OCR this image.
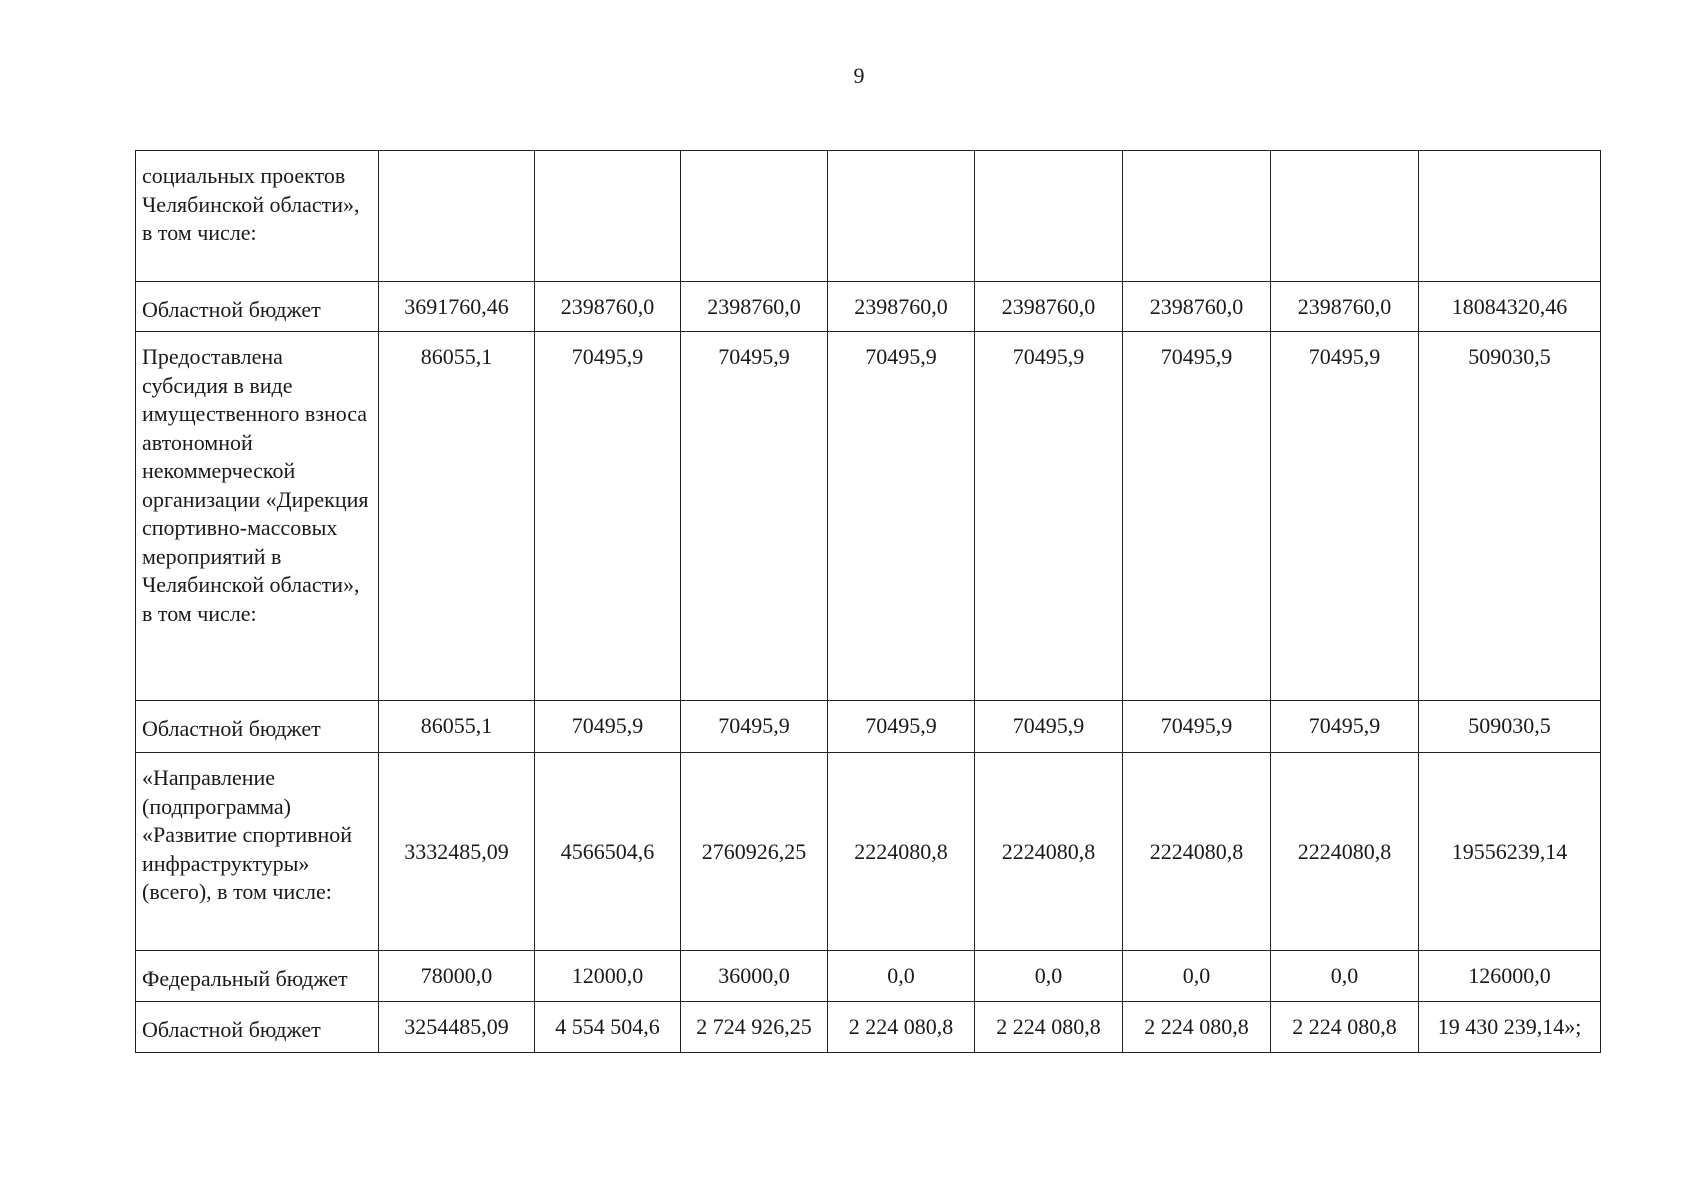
9
социальных проектов Челябинской области», в том числе:								
Областной бюджет	3691760,46	2398760,0	2398760,0	2398760,0	2398760,0	2398760,0	2398760,0	18084320,46
Предоставлена субсидия в виде имущественного взноса автономной некоммерческой организации «Дирекция спортивно-массовых мероприятий в Челябинской области», в том числе:	86055,1	70495,9	70495,9	70495,9	70495,9	70495,9	70495,9	509030,5
Областной бюджет	86055,1	70495,9	70495,9	70495,9	70495,9	70495,9	70495,9	509030,5
«Направление (подпрограмма) «Развитие спортивной инфраструктуры» (всего), в том числе:	3332485,09	4566504,6	2760926,25	2224080,8	2224080,8	2224080,8	2224080,8	19556239,14
Федеральный бюджет	78000,0	12000,0	36000,0	0,0	0,0	0,0	0,0	126000,0
Областной бюджет	3254485,09	4 554 504,6	2 724 926,25	2 224 080,8	2 224 080,8	2 224 080,8	2 224 080,8	19 430 239,14»;
